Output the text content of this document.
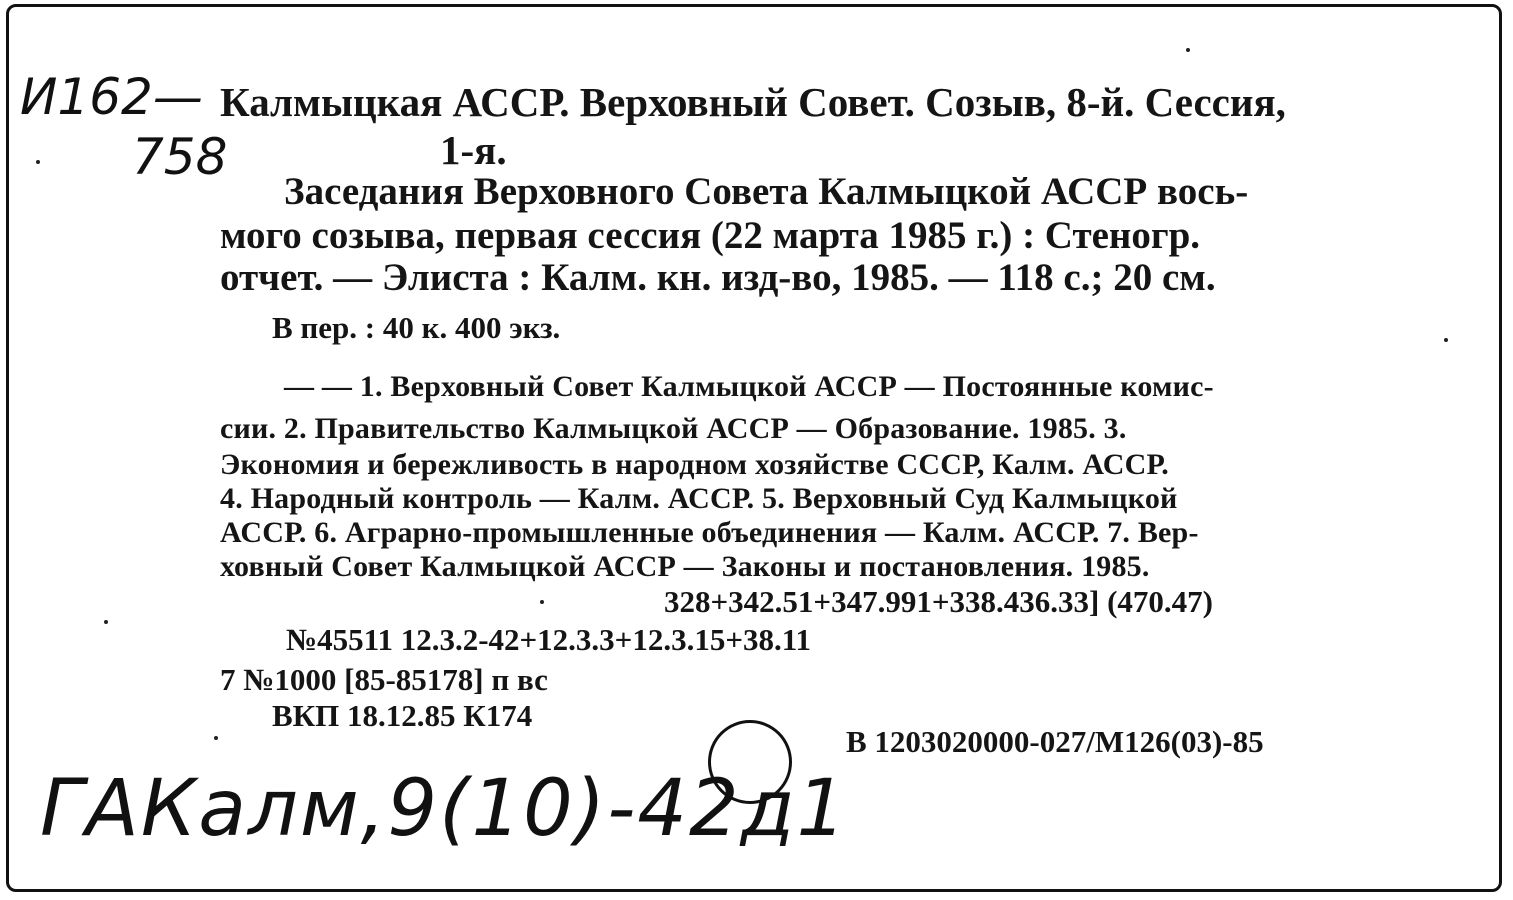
И162—
758
Калмыцкая АССР. Верховный Совет. Созыв, 8-й. Сессия,
1-я.
Заседания Верховного Совета Калмыцкой АССР вось-
мого созыва, первая сессия (22 марта 1985 г.) : Стеногр.
отчет. — Элиста : Калм. кн. изд-во, 1985. — 118 с.; 20 см.
В пер. : 40 к. 400 экз.
— — 1. Верховный Совет Калмыцкой АССР — Постоянные комис-
сии. 2. Правительство Калмыцкой АССР — Образование. 1985. 3.
Экономия и бережливость в народном хозяйстве СССР, Калм. АССР.
4. Народный контроль — Калм. АССР. 5. Верховный Суд Калмыцкой
АССР. 6. Аграрно-промышленные объединения — Калм. АССР. 7. Вер-
ховный Совет Калмыцкой АССР — Законы и постановления. 1985.
328+342.51+347.991+338.436.33] (470.47)
№45511 12.3.2-42+12.3.3+12.3.15+38.11
7 №1000 [85-85178] п вс
ВКП 18.12.85 К174
В 1203020000-027/М126(03)-85
ГАКалм,9(10)-42д1
